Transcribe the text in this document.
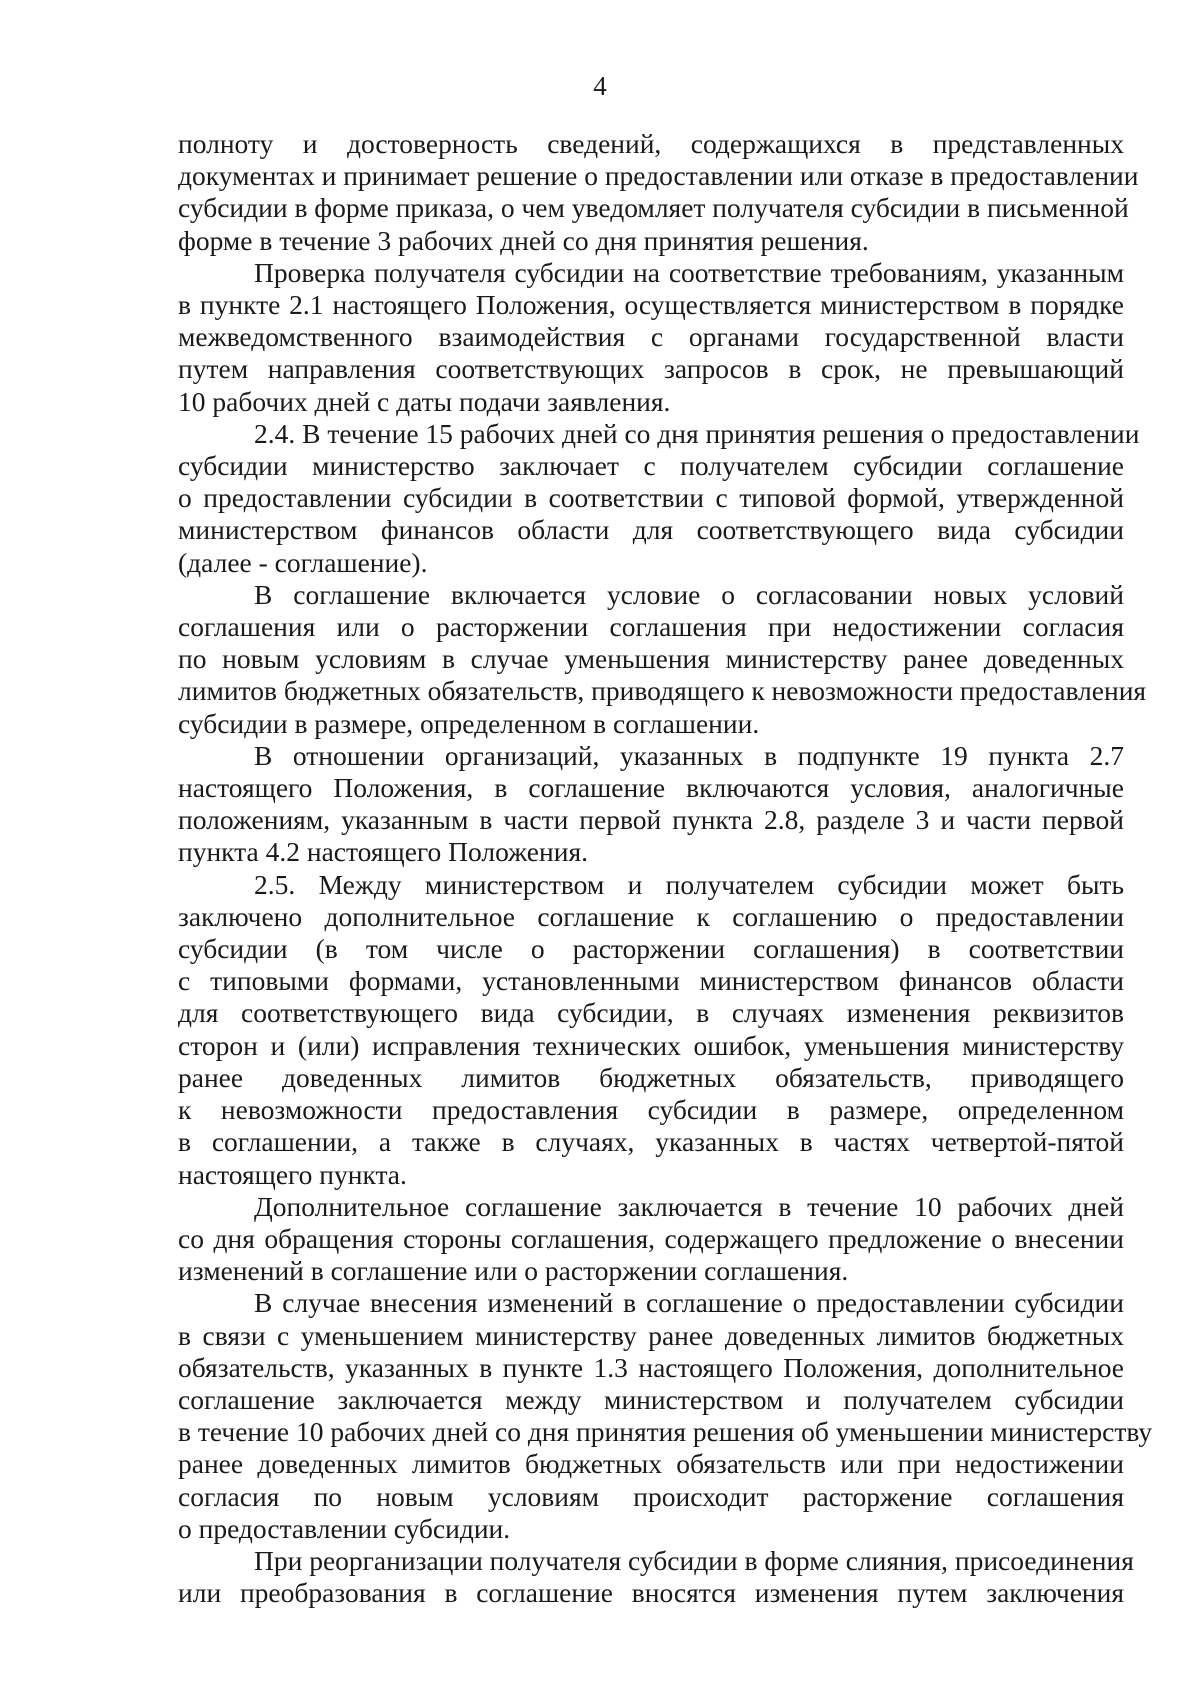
4

полноту и достоверность сведений, содержащихся в представленных
документах и принимает решение о предоставлении или отказе в предоставлении
субсидии в форме приказа, о чем уведомляет получателя субсидии в письменной
форме в течение 3 рабочих дней со дня принятия решения.

Проверка получателя субсидии на соответствие требованиям, указанным
в пункте 2.1 настоящего Положения, осуществляется министерством в порядке
межведомственного взаимодействия с органами государственной власти
путем направления соответствующих запросов в срок, не превышающий
10 рабочих дней с даты подачи заявления.

2.4. В течение 15 рабочих дней со дня принятия решения о предоставлении
субсидии министерство заключает с получателем субсидии соглашение
о предоставлении субсидии в соответствии с типовой формой, утвержденной
министерством финансов области для соответствующего вида субсидии
(далее - соглашение).

В соглашение включается условие о согласовании новых условий
соглашения или о расторжении соглашения при недостижении согласия
по новым условиям в случае уменьшения министерству ранее доведенных
лимитов бюджетных обязательств, приводящего к невозможности предоставления
субсидии в размере, определенном в соглашении.

В отношении организаций, указанных в подпункте 19 пункта 2.7
настоящего Положения, в соглашение включаются условия, аналогичные
положениям, указанным в части первой пункта 2.8, разделе 3 и части первой
пункта 4.2 настоящего Положения.

2.5. Между министерством и получателем субсидии может быть
заключено дополнительное соглашение к соглашению о предоставлении
субсидии (в том числе о расторжении соглашения) в соответствии
с типовыми формами, установленными министерством финансов области
для соответствующего вида субсидии, в случаях изменения реквизитов
сторон и (или) исправления технических ошибок, уменьшения министерству
ранее доведенных лимитов бюджетных обязательств, приводящего
к невозможности предоставления субсидии в размере, определенном
в соглашении, а также в случаях, указанных в частях четвертой-пятой
настоящего пункта.

Дополнительное соглашение заключается в течение 10 рабочих дней
со дня обращения стороны соглашения, содержащего предложение о внесении
изменений в соглашение или о расторжении соглашения.

В случае внесения изменений в соглашение о предоставлении субсидии
в связи с уменьшением министерству ранее доведенных лимитов бюджетных
обязательств, указанных в пункте 1.3 настоящего Положения, дополнительное
соглашение заключается между министерством и получателем субсидии
в течение 10 рабочих дней со дня принятия решения об уменьшении министерству
ранее доведенных лимитов бюджетных обязательств или при недостижении
согласия по новым условиям происходит расторжение соглашения
о предоставлении субсидии.

При реорганизации получателя субсидии в форме слияния, присоединения
или преобразования в соглашение вносятся изменения путем заключения
